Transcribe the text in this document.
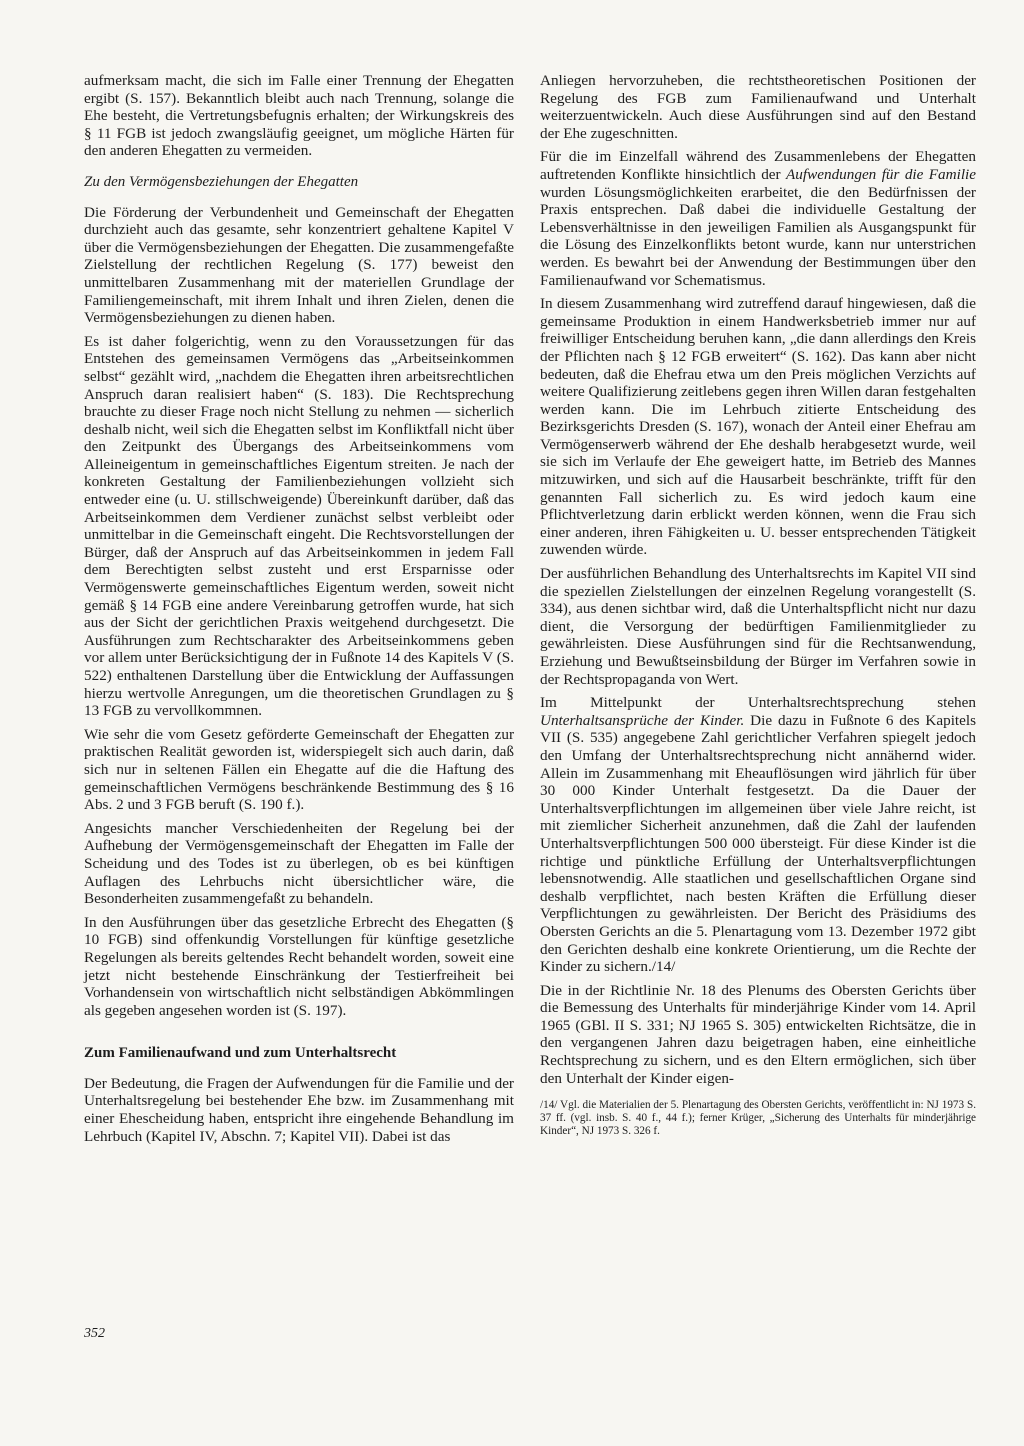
aufmerksam macht, die sich im Falle einer Trennung der Ehegatten ergibt (S. 157). Bekanntlich bleibt auch nach Trennung, solange die Ehe besteht, die Vertretungsbefugnis erhalten; der Wirkungskreis des § 11 FGB ist jedoch zwangsläufig geeignet, um mögliche Härten für den anderen Ehegatten zu vermeiden.

Zu den Vermögensbeziehungen der Ehegatten

Die Förderung der Verbundenheit und Gemeinschaft der Ehegatten durchzieht auch das gesamte, sehr konzentriert gehaltene Kapitel V über die Vermögensbeziehungen der Ehegatten. Die zusammengefaßte Zielstellung der rechtlichen Regelung (S. 177) beweist den unmittelbaren Zusammenhang mit der materiellen Grundlage der Familiengemeinschaft, mit ihrem Inhalt und ihren Zielen, denen die Vermögensbeziehungen zu dienen haben.

Es ist daher folgerichtig, wenn zu den Voraussetzungen für das Entstehen des gemeinsamen Vermögens das „Arbeitseinkommen selbst“ gezählt wird, „nachdem die Ehegatten ihren arbeitsrechtlichen Anspruch daran realisiert haben“ (S. 183). Die Rechtsprechung brauchte zu dieser Frage noch nicht Stellung zu nehmen — sicherlich deshalb nicht, weil sich die Ehegatten selbst im Konfliktfall nicht über den Zeitpunkt des Übergangs des Arbeitseinkommens vom Alleineigentum in gemeinschaftliches Eigentum streiten. Je nach der konkreten Gestaltung der Familienbeziehungen vollzieht sich entweder eine (u. U. stillschweigende) Übereinkunft darüber, daß das Arbeitseinkommen dem Verdiener zunächst selbst verbleibt oder unmittelbar in die Gemeinschaft eingeht. Die Rechtsvorstellungen der Bürger, daß der Anspruch auf das Arbeitseinkommen in jedem Fall dem Berechtigten selbst zusteht und erst Ersparnisse oder Vermögenswerte gemeinschaftliches Eigentum werden, soweit nicht gemäß § 14 FGB eine andere Vereinbarung getroffen wurde, hat sich aus der Sicht der gerichtlichen Praxis weitgehend durchgesetzt. Die Ausführungen zum Rechtscharakter des Arbeitseinkommens geben vor allem unter Berücksichtigung der in Fußnote 14 des Kapitels V (S. 522) enthaltenen Darstellung über die Entwicklung der Auffassungen hierzu wertvolle Anregungen, um die theoretischen Grundlagen zu § 13 FGB zu vervollkommnen.

Wie sehr die vom Gesetz geförderte Gemeinschaft der Ehegatten zur praktischen Realität geworden ist, widerspiegelt sich auch darin, daß sich nur in seltenen Fällen ein Ehegatte auf die die Haftung des gemeinschaftlichen Vermögens beschränkende Bestimmung des § 16 Abs. 2 und 3 FGB beruft (S. 190 f.).

Angesichts mancher Verschiedenheiten der Regelung bei der Aufhebung der Vermögensgemeinschaft der Ehegatten im Falle der Scheidung und des Todes ist zu überlegen, ob es bei künftigen Auflagen des Lehrbuchs nicht übersichtlicher wäre, die Besonderheiten zusammengefaßt zu behandeln.

In den Ausführungen über das gesetzliche Erbrecht des Ehegatten (§ 10 FGB) sind offenkundig Vorstellungen für künftige gesetzliche Regelungen als bereits geltendes Recht behandelt worden, soweit eine jetzt nicht bestehende Einschränkung der Testierfreiheit bei Vorhandensein von wirtschaftlich nicht selbständigen Abkömmlingen als gegeben angesehen worden ist (S. 197).

Zum Familienaufwand und zum Unterhaltsrecht

Der Bedeutung, die Fragen der Aufwendungen für die Familie und der Unterhaltsregelung bei bestehender Ehe bzw. im Zusammenhang mit einer Ehescheidung haben, entspricht ihre eingehende Behandlung im Lehrbuch (Kapitel IV, Abschn. 7; Kapitel VII). Dabei ist das

Anliegen hervorzuheben, die rechtstheoretischen Positionen der Regelung des FGB zum Familienaufwand und Unterhalt weiterzuentwickeln. Auch diese Ausführungen sind auf den Bestand der Ehe zugeschnitten.

Für die im Einzelfall während des Zusammenlebens der Ehegatten auftretenden Konflikte hinsichtlich der Aufwendungen für die Familie wurden Lösungsmöglichkeiten erarbeitet, die den Bedürfnissen der Praxis entsprechen. Daß dabei die individuelle Gestaltung der Lebensverhältnisse in den jeweiligen Familien als Ausgangspunkt für die Lösung des Einzelkonflikts betont wurde, kann nur unterstrichen werden. Es bewahrt bei der Anwendung der Bestimmungen über den Familienaufwand vor Schematismus.

In diesem Zusammenhang wird zutreffend darauf hingewiesen, daß die gemeinsame Produktion in einem Handwerksbetrieb immer nur auf freiwilliger Entscheidung beruhen kann, „die dann allerdings den Kreis der Pflichten nach § 12 FGB erweitert“ (S. 162). Das kann aber nicht bedeuten, daß die Ehefrau etwa um den Preis möglichen Verzichts auf weitere Qualifizierung zeitlebens gegen ihren Willen daran festgehalten werden kann. Die im Lehrbuch zitierte Entscheidung des Bezirksgerichts Dresden (S. 167), wonach der Anteil einer Ehefrau am Vermögenserwerb während der Ehe deshalb herabgesetzt wurde, weil sie sich im Verlaufe der Ehe geweigert hatte, im Betrieb des Mannes mitzuwirken, und sich auf die Hausarbeit beschränkte, trifft für den genannten Fall sicherlich zu. Es wird jedoch kaum eine Pflichtverletzung darin erblickt werden können, wenn die Frau sich einer anderen, ihren Fähigkeiten u. U. besser entsprechenden Tätigkeit zuwenden würde.

Der ausführlichen Behandlung des Unterhaltsrechts im Kapitel VII sind die speziellen Zielstellungen der einzelnen Regelung vorangestellt (S. 334), aus denen sichtbar wird, daß die Unterhaltspflicht nicht nur dazu dient, die Versorgung der bedürftigen Familienmitglieder zu gewährleisten. Diese Ausführungen sind für die Rechtsanwendung, Erziehung und Bewußtseinsbildung der Bürger im Verfahren sowie in der Rechtspropaganda von Wert.

Im Mittelpunkt der Unterhaltsrechtsprechung stehen Unterhaltsansprüche der Kinder. Die dazu in Fußnote 6 des Kapitels VII (S. 535) angegebene Zahl gerichtlicher Verfahren spiegelt jedoch den Umfang der Unterhaltsrechtsprechung nicht annähernd wider. Allein im Zusammenhang mit Eheauflösungen wird jährlich für über 30 000 Kinder Unterhalt festgesetzt. Da die Dauer der Unterhaltsverpflichtungen im allgemeinen über viele Jahre reicht, ist mit ziemlicher Sicherheit anzunehmen, daß die Zahl der laufenden Unterhaltsverpflichtungen 500 000 übersteigt. Für diese Kinder ist die richtige und pünktliche Erfüllung der Unterhaltsverpflichtungen lebensnotwendig. Alle staatlichen und gesellschaftlichen Organe sind deshalb verpflichtet, nach besten Kräften die Erfüllung dieser Verpflichtungen zu gewährleisten. Der Bericht des Präsidiums des Obersten Gerichts an die 5. Plenartagung vom 13. Dezember 1972 gibt den Gerichten deshalb eine konkrete Orientierung, um die Rechte der Kinder zu sichern./14/

Die in der Richtlinie Nr. 18 des Plenums des Obersten Gerichts über die Bemessung des Unterhalts für minderjährige Kinder vom 14. April 1965 (GBl. II S. 331; NJ 1965 S. 305) entwickelten Richtsätze, die in den vergangenen Jahren dazu beigetragen haben, eine einheitliche Rechtsprechung zu sichern, und es den Eltern ermöglichen, sich über den Unterhalt der Kinder eigen-

/14/ Vgl. die Materialien der 5. Plenartagung des Obersten Gerichts, veröffentlicht in: NJ 1973 S. 37 ff. (vgl. insb. S. 40 f., 44 f.); ferner Krüger, „Sicherung des Unterhalts für minderjährige Kinder“, NJ 1973 S. 326 f.
352
